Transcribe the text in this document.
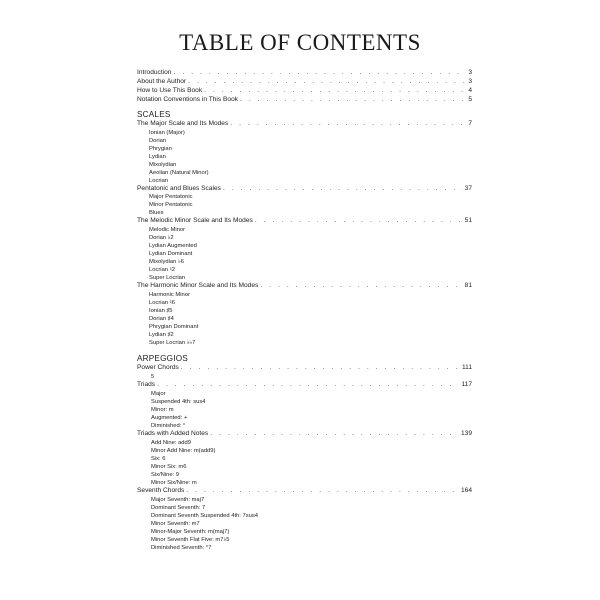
TABLE OF CONTENTS
Introduction . . .	3
About the Author . . .	3
How to Use This Book . . .	4
Notation Conventions in This Book . . .	5
SCALES
The Major Scale and Its Modes . . .	7
Ionian (Major)
Dorian
Phrygian
Lydian
Mixolydian
Aeolian (Natural Minor)
Locrian
Pentatonic and Blues Scales . . .	37
Major Pentatonic
Minor Pentatonic
Blues
The Melodic Minor Scale and Its Modes . . .	51
Melodic Minor
Dorian ♭2
Lydian Augmented
Lydian Dominant
Mixolydian ♭6
Locrian ♮2
Super Locrian
The Harmonic Minor Scale and Its Modes . . .	81
Harmonic Minor
Locrian ♮6
Ionian ♯5
Dorian ♯4
Phrygian Dominant
Lydian ♯2
Super Locrian ♭♭7
ARPEGGIOS
Power Chords . . .	111
5
Triads . . .	117
Major
Suspended 4th: sus4
Minor: m
Augmented: +
Diminished: °
Triads with Added Notes . . .	139
Add Nine: add9
Minor Add Nine: m(add9)
Six: 6
Minor Six: m6
Six/Nine: 9
Minor Six/Nine: m
Seventh Chords . . .	164
Major Seventh: maj7
Dominant Seventh: 7
Dominant Seventh Suspended 4th: 7sus4
Minor Seventh: m7
Minor-Major Seventh: m(maj7)
Minor Seventh Flat Five: m7♭5
Diminished Seventh: °7
